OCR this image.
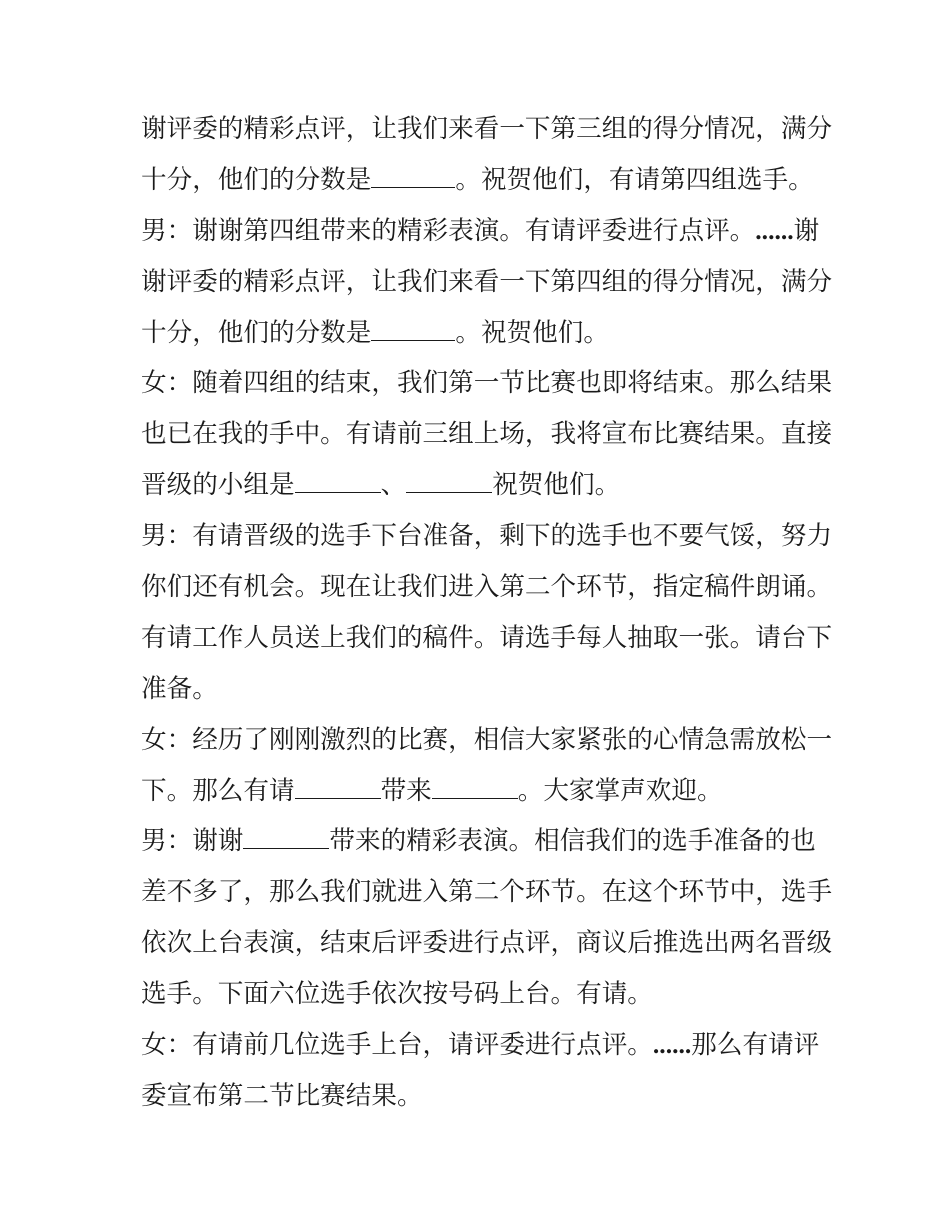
谢评委的精彩点评，让我们来看一下第三组的得分情况，满分
十分，他们的分数是	。祝贺他们，有请第四组选手。
男：谢谢第四组带来的精彩表演。有请评委进行点评。......谢
谢评委的精彩点评，让我们来看一下第四组的得分情况，满分
十分，他们的分数是	。祝贺他们。
女：随着四组的结束，我们第一节比赛也即将结束。那么结果
也已在我的手中。有请前三组上场，我将宣布比赛结果。直接
晋级的小组是	、	祝贺他们。
男：有请晋级的选手下台准备，剩下的选手也不要气馁，努力
你们还有机会。现在让我们进入第二个环节，指定稿件朗诵。
有请工作人员送上我们的稿件。请选手每人抽取一张。请台下
准备。
女：经历了刚刚激烈的比赛，相信大家紧张的心情急需放松一
下。那么有请	带来	。大家掌声欢迎。
男：谢谢	带来的精彩表演。相信我们的选手准备的也
差不多了，那么我们就进入第二个环节。在这个环节中，选手
依次上台表演，结束后评委进行点评，商议后推选出两名晋级
选手。下面六位选手依次按号码上台。有请。
女：有请前几位选手上台，请评委进行点评。......那么有请评
委宣布第二节比赛结果。
